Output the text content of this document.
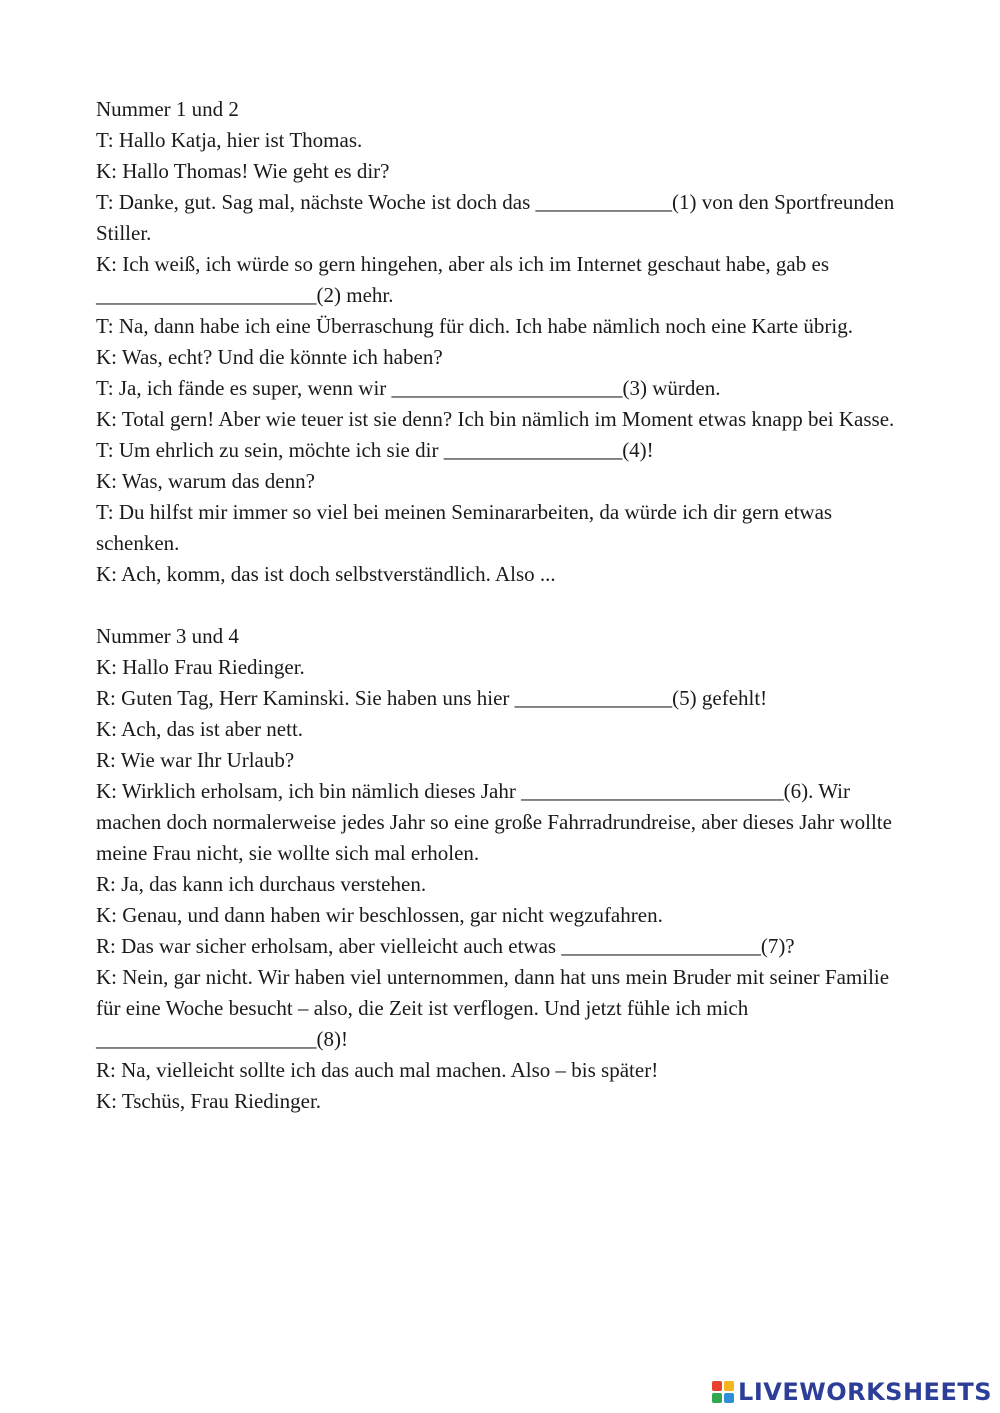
Nummer 1 und 2

T: Hallo Katja, hier ist Thomas.

K: Hallo Thomas! Wie geht es dir?

T: Danke, gut. Sag mal, nächste Woche ist doch das _____________(1) von den Sportfreunden Stiller.

K: Ich weiß, ich würde so gern hingehen, aber als ich im Internet geschaut habe, gab es _____________________(2) mehr.

T: Na, dann habe ich eine Überraschung für dich. Ich habe nämlich noch eine Karte übrig.

K: Was, echt? Und die könnte ich haben?

T: Ja, ich fände es super, wenn wir ______________________(3) würden.

K: Total gern! Aber wie teuer ist sie denn? Ich bin nämlich im Moment etwas knapp bei Kasse.

T: Um ehrlich zu sein, möchte ich sie dir _________________(4)!

K: Was, warum das denn?

T: Du hilfst mir immer so viel bei meinen Seminararbeiten, da würde ich dir gern etwas schenken.

K: Ach, komm, das ist doch selbstverständlich. Also ...

Nummer 3 und 4

K: Hallo Frau Riedinger.

R: Guten Tag, Herr Kaminski. Sie haben uns hier _______________(5) gefehlt!

K: Ach, das ist aber nett.

R: Wie war Ihr Urlaub?

K: Wirklich erholsam, ich bin nämlich dieses Jahr _________________________(6). Wir machen doch normalerweise jedes Jahr so eine große Fahrradrundreise, aber dieses Jahr wollte meine Frau nicht, sie wollte sich mal erholen.

R: Ja, das kann ich durchaus verstehen.

K: Genau, und dann haben wir beschlossen, gar nicht wegzufahren.

R: Das war sicher erholsam, aber vielleicht auch etwas ___________________(7)?

K: Nein, gar nicht. Wir haben viel unternommen, dann hat uns mein Bruder mit seiner Familie für eine Woche besucht – also, die Zeit ist verflogen. Und jetzt fühle ich mich _____________________(8)!

R: Na, vielleicht sollte ich das auch mal machen. Also – bis später!

K: Tschüs, Frau Riedinger.

LIVEWORKSHEETS
